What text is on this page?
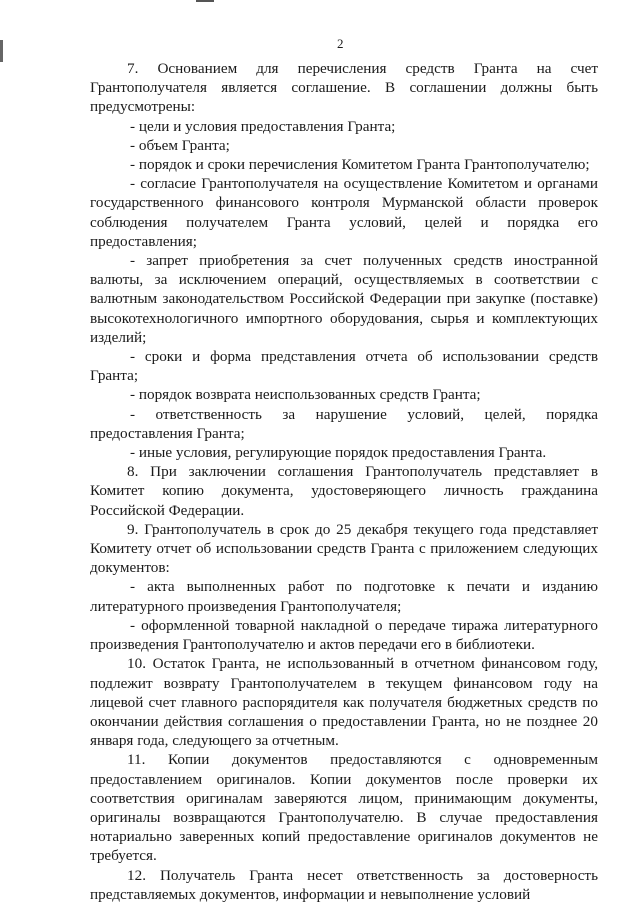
2

7. Основанием для перечисления средств Гранта на счет Грантополучателя является соглашение. В соглашении должны быть предусмотрены:

- цели и условия предоставления Гранта;

- объем Гранта;

- порядок и сроки перечисления Комитетом Гранта Грантополучателю;

- согласие Грантополучателя на осуществление Комитетом и органами государственного финансового контроля Мурманской области проверок соблюдения получателем Гранта условий, целей и порядка его предоставления;

- запрет приобретения за счет полученных средств иностранной валюты, за исключением операций, осуществляемых в соответствии с валютным законодательством Российской Федерации при закупке (поставке) высокотехнологичного импортного оборудования, сырья и комплектующих изделий;

- сроки и форма представления отчета об использовании средств Гранта;

- порядок возврата неиспользованных средств Гранта;

- ответственность за нарушение условий, целей, порядка предоставления Гранта;

- иные условия, регулирующие порядок предоставления Гранта.

8. При заключении соглашения Грантополучатель представляет в Комитет копию документа, удостоверяющего личность гражданина Российской Федерации.

9. Грантополучатель в срок до 25 декабря текущего года представляет Комитету отчет об использовании средств Гранта с приложением следующих документов:

- акта выполненных работ по подготовке к печати и изданию литературного произведения Грантополучателя;

- оформленной товарной накладной о передаче тиража литературного произведения Грантополучателю и актов передачи его в библиотеки.

10. Остаток Гранта, не использованный в отчетном финансовом году, подлежит возврату Грантополучателем в текущем финансовом году на лицевой счет главного распорядителя как получателя бюджетных средств по окончании действия соглашения о предоставлении Гранта, но не позднее 20 января года, следующего за отчетным.

11. Копии документов предоставляются с одновременным предоставлением оригиналов. Копии документов после проверки их соответствия оригиналам заверяются лицом, принимающим документы, оригиналы возвращаются Грантополучателю. В случае предоставления нотариально заверенных копий предоставление оригиналов документов не требуется.

12. Получатель Гранта несет ответственность за достоверность представляемых документов, информации и невыполнение условий
